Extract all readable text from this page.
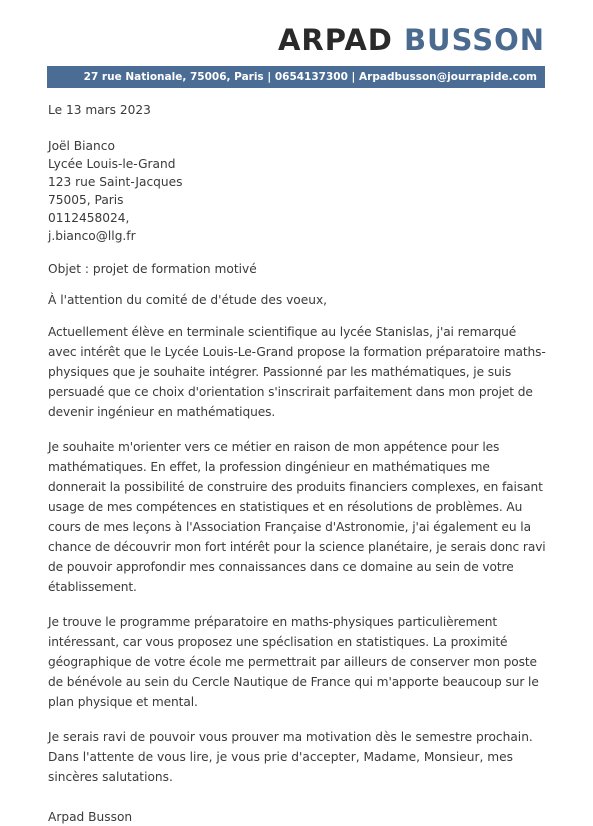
ARPAD BUSSON
27 rue Nationale, 75006, Paris | 0654137300 | Arpadbusson@jourrapide.com

Le 13 mars 2023

Joël Bianco
Lycée Louis-le-Grand
123 rue Saint-Jacques
75005, Paris
0112458024,
j.bianco@llg.fr

Objet : projet de formation motivé

À l'attention du comité de d'étude des voeux,

Actuellement élève en terminale scientifique au lycée Stanislas, j'ai remarqué avec intérêt que le Lycée Louis-Le-Grand propose la formation préparatoire maths-physiques que je souhaite intégrer. Passionné par les mathématiques, je suis persuadé que ce choix d'orientation s'inscrirait parfaitement dans mon projet de devenir ingénieur en mathématiques.

Je souhaite m'orienter vers ce métier en raison de mon appétence pour les mathématiques. En effet, la profession dingénieur en mathématiques me donnerait la possibilité de construire des produits financiers complexes, en faisant usage de mes compétences en statistiques et en résolutions de problèmes. Au cours de mes leçons à l'Association Française d'Astronomie, j'ai également eu la chance de découvrir mon fort intérêt pour la science planétaire, je serais donc ravi de pouvoir approfondir mes connaissances dans ce domaine au sein de votre établissement.

Je trouve le programme préparatoire en maths-physiques particulièrement intéressant, car vous proposez une spéclisation en statistiques. La proximité géographique de votre école me permettrait par ailleurs de conserver mon poste de bénévole au sein du Cercle Nautique de France qui m'apporte beaucoup sur le plan physique et mental.

Je serais ravi de pouvoir vous prouver ma motivation dès le semestre prochain. Dans l'attente de vous lire, je vous prie d'accepter, Madame, Monsieur, mes sincères salutations.

Arpad Busson
